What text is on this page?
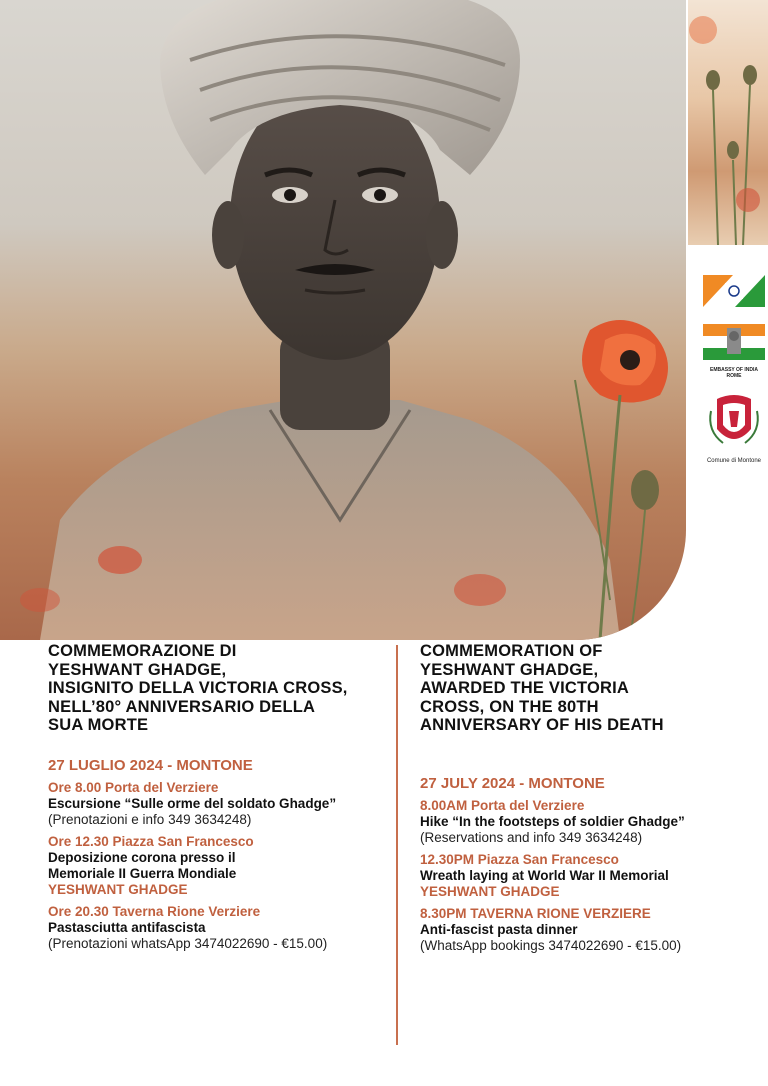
EMBASSY OF INDIA ROME
Comune di Montone
COMMEMORAZIONE DI
YESHWANT GHADGE,
INSIGNITO DELLA VICTORIA CROSS,
NELL’80° ANNIVERSARIO DELLA
SUA MORTE
27 LUGLIO 2024 - MONTONE
Ore 8.00 Porta del Verziere
Escursione “Sulle orme del soldato Ghadge”
(Prenotazioni e info 349 3634248)
Ore 12.30 Piazza San Francesco
Deposizione corona presso il
Memoriale II Guerra Mondiale
YESHWANT GHADGE
Ore 20.30 Taverna Rione Verziere
Pastasciutta antifascista
(Prenotazioni whatsApp 3474022690 - €15.00)
COMMEMORATION OF
YESHWANT GHADGE,
AWARDED THE VICTORIA
CROSS, ON THE 80TH
ANNIVERSARY OF HIS DEATH
27 JULY 2024 - MONTONE
8.00AM Porta del Verziere
Hike “In the footsteps of soldier Ghadge”
(Reservations and info 349 3634248)
12.30PM Piazza San Francesco
Wreath laying at World War II Memorial
YESHWANT GHADGE
8.30PM TAVERNA RIONE VERZIERE
Anti-fascist pasta dinner
(WhatsApp bookings 3474022690 - €15.00)
